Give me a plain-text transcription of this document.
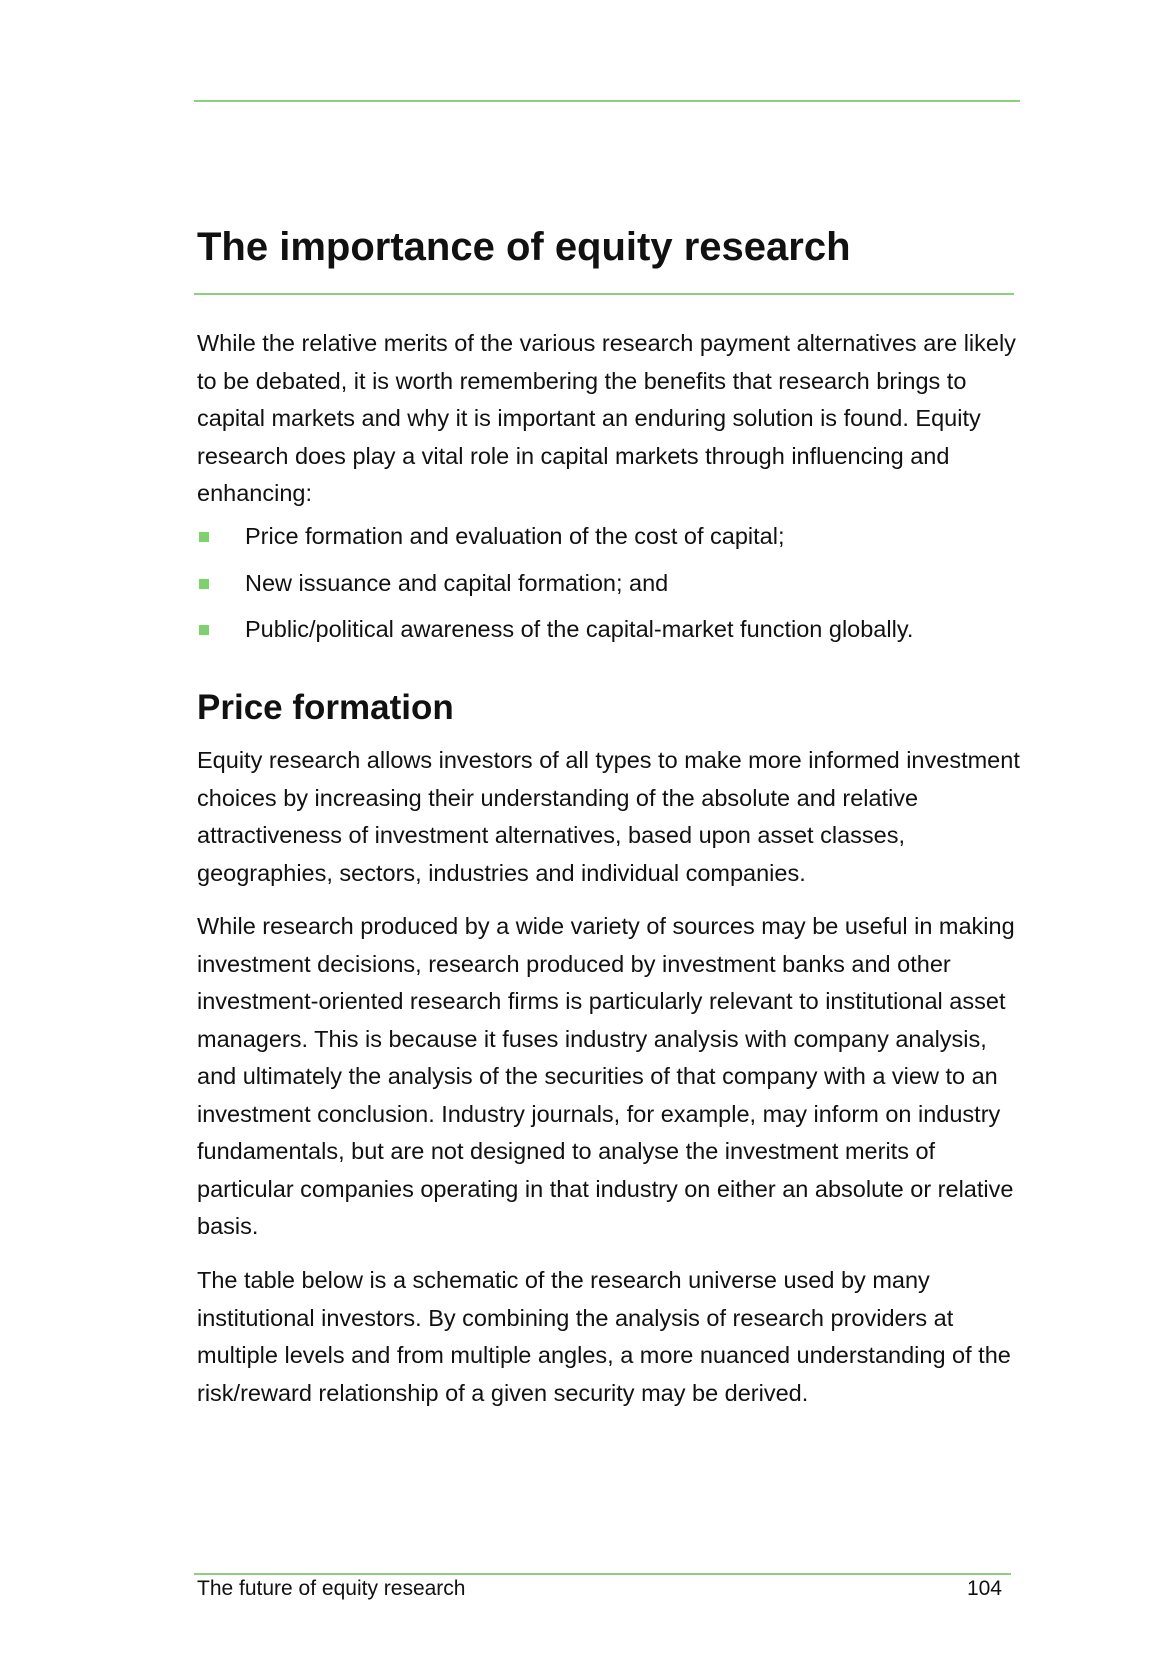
The importance of equity research

While the relative merits of the various research payment alternatives are likely to be debated, it is worth remembering the benefits that research brings to capital markets and why it is important an enduring solution is found. Equity research does play a vital role in capital markets through influencing and enhancing:

Price formation and evaluation of the cost of capital;
New issuance and capital formation; and
Public/political awareness of the capital-market function globally.
Price formation

Equity research allows investors of all types to make more informed investment choices by increasing their understanding of the absolute and relative attractiveness of investment alternatives, based upon asset classes, geographies, sectors, industries and individual companies.

While research produced by a wide variety of sources may be useful in making investment decisions, research produced by investment banks and other investment-oriented research firms is particularly relevant to institutional asset managers. This is because it fuses industry analysis with company analysis, and ultimately the analysis of the securities of that company with a view to an investment conclusion. Industry journals, for example, may inform on industry fundamentals, but are not designed to analyse the investment merits of particular companies operating in that industry on either an absolute or relative basis.

The table below is a schematic of the research universe used by many institutional investors. By combining the analysis of research providers at multiple levels and from multiple angles, a more nuanced understanding of the risk/reward relationship of a given security may be derived.

The future of equity research	104
